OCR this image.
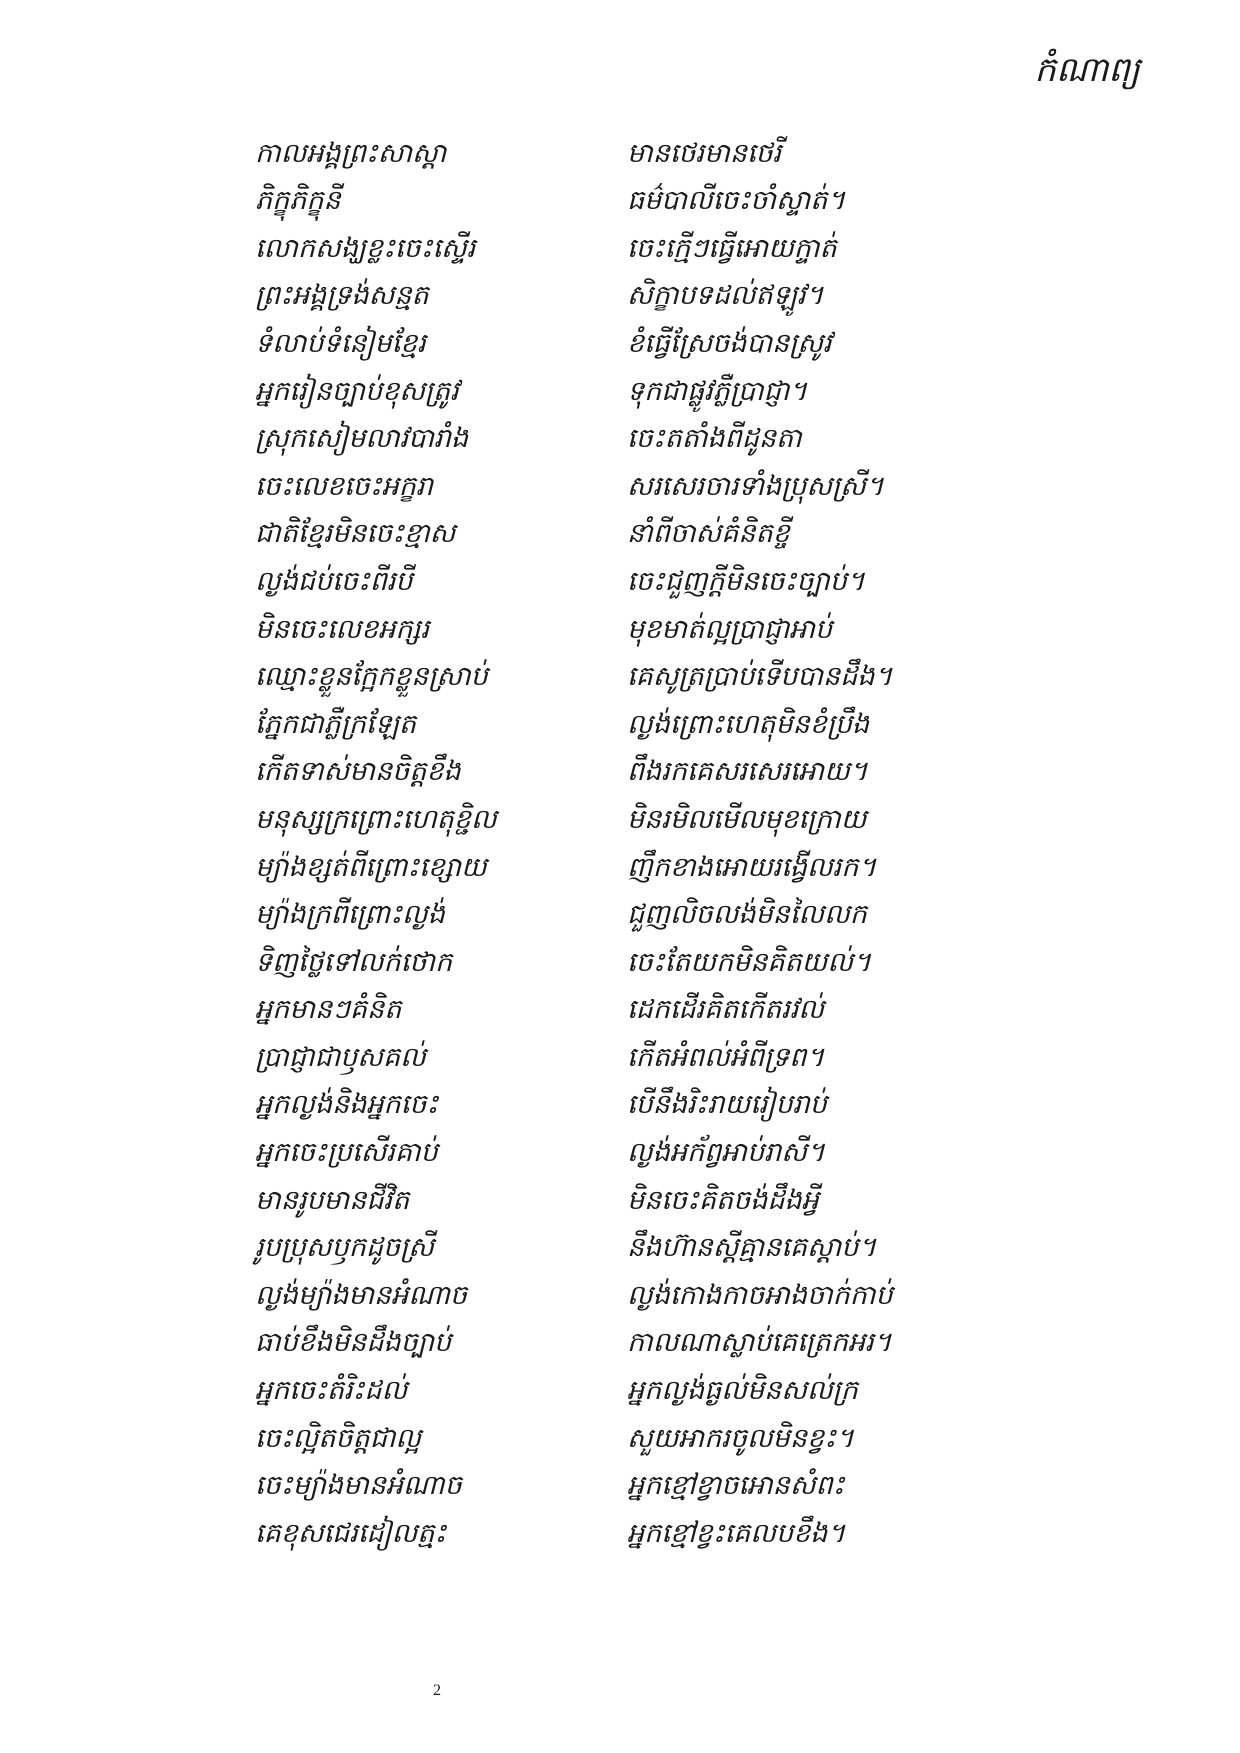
កំណាព្យ
កាលអង្គព្រះសាស្តា	មានថេរមានថេរី
ភិក្ខុភិក្ខុនី	ធម៌បាលីចេះចាំស្ទាត់។
លោកសង្ឃខ្លះចេះស្ទើរ	ចេះក្មើៗធ្វើអោយក្ទាត់
ព្រះអង្គទ្រង់សន្មត	សិក្ខាបទដល់ឥឡូវ។
ទំលាប់ទំនៀមខ្មែរ	ខំធ្វើស្រែចង់បានស្រូវ
អ្នករៀនច្បាប់ខុសត្រូវ	ទុកជាផ្លូវភ្លឺប្រាជ្ញា។
ស្រុកសៀមលាវបារាំង	ចេះតតាំងពីដូនតា
ចេះលេខចេះអក្ខរា	សរសេរចារទាំងប្រុសស្រី។
ជាតិខ្មែរមិនចេះខ្មាស	នាំពីចាស់គំនិតខ្ចី
ល្ងង់ជប់ចេះពីរបី	ចេះជួញក្តីមិនចេះច្បាប់។
មិនចេះលេខអក្សរ	មុខមាត់ល្អប្រាជ្ញាអាប់
ឈ្មោះខ្លួនក្អែកខ្លួនស្រាប់	គេសូត្រប្រាប់ទើបបានដឹង។
ភ្នែកជាភ្លឺក្រឡែត	ល្ងង់ព្រោះហេតុមិនខំប្រឹង
កើតទាស់មានចិត្តខឹង	ពឹងរកគេសរសេរអោយ។
មនុស្សក្រព្រោះហេតុខ្ជិល	មិនរមិលមើលមុខក្រោយ
ម្យ៉ាងខ្សត់ពីព្រោះខ្សោយ	ញឹកខាងអោយរង្វើលរក។
ម្យ៉ាងក្រពីព្រោះល្ងង់	ជួញលិចលង់មិនលៃលក
ទិញថ្លៃទៅលក់ថោក	ចេះតែយកមិនគិតយល់។
អ្នកមានៗគំនិត	ដេកដើរគិតកើតរវល់
ប្រាជ្ញាជាឫសគល់	កើតអំពល់អំពីទ្រព។
អ្នកល្ងង់និងអ្នកចេះ	បើនឹងរិះរាយរៀបរាប់
អ្នកចេះប្រសើរគាប់	ល្ងង់អក័ព្វអាប់រាសី។
មានរូបមានជីវិត	មិនចេះគិតចង់ដឹងអ្វី
រូបប្រុសឫកដូចស្រី	នឹងហ៊ានស្តីគ្មានគេស្តាប់។
ល្ងង់ម្យ៉ាងមានអំណាច	ល្ងង់កោងកាចអាងចាក់កាប់
ធាប់ខឹងមិនដឹងច្បាប់	កាលណាស្លាប់គេត្រេកអរ។
អ្នកចេះតំរិះដល់	អ្នកល្ងង់ធ្ងល់មិនសល់ក្រ
ចេះល្អិតចិត្តជាល្អ	សួយអាករចូលមិនខ្វះ។
ចេះម្យ៉ាងមានអំណាច	អ្នកខ្មៅខ្វាចអោនសំពះ
គេខុសជេរដៀលត្មះ	អ្នកខ្មៅខ្វះគេលបខឹង។
2
